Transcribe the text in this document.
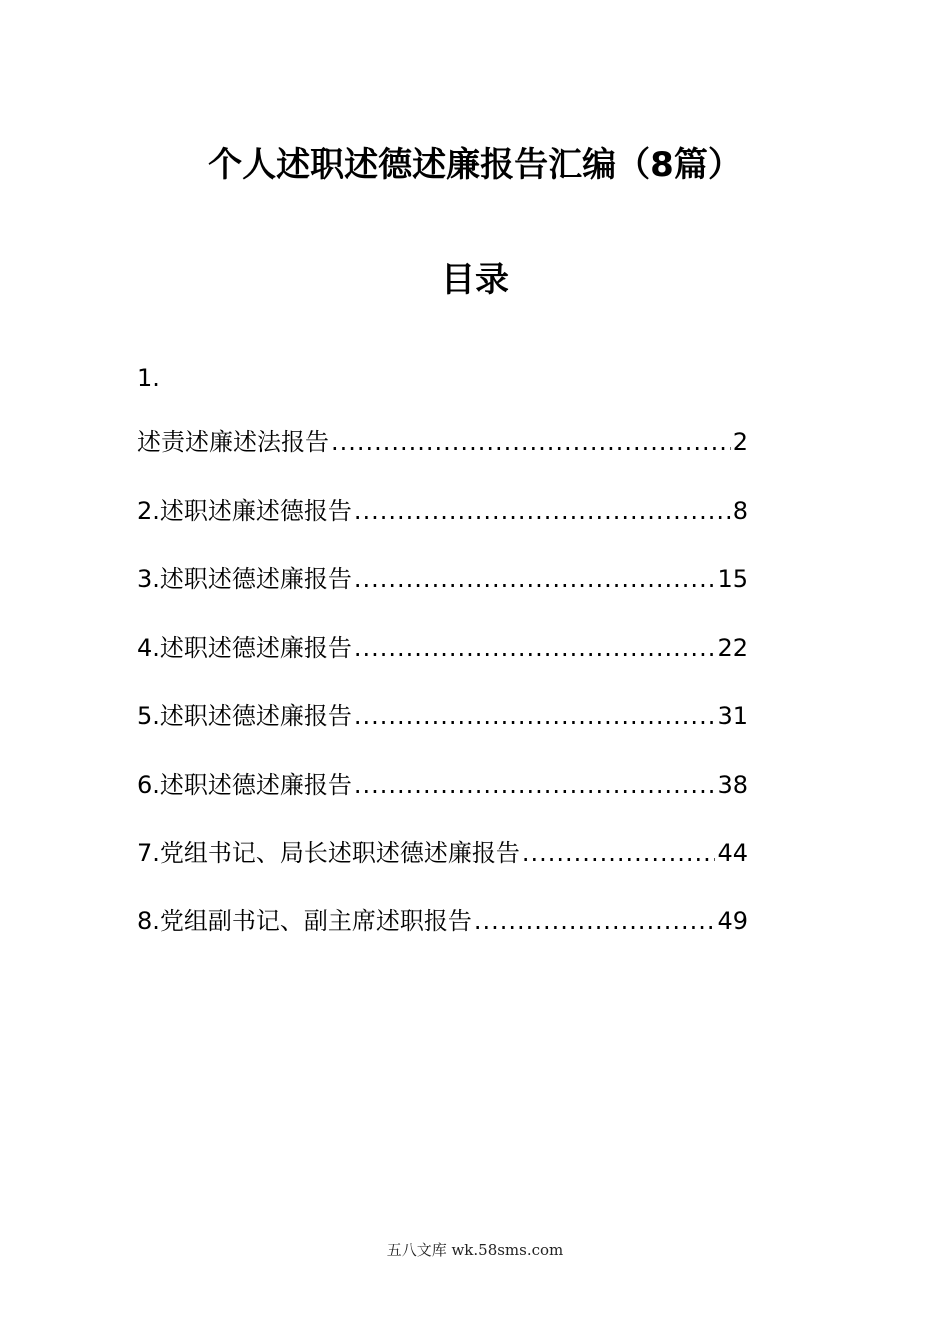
个人述职述德述廉报告汇编（8篇）
目录
1.
述责述廉述法报告 .....	2
2.述职述廉述德报告 .....	8
3.述职述德述廉报告 .....	15
4.述职述德述廉报告 .....	22
5.述职述德述廉报告 .....	31
6.述职述德述廉报告 .....	38
7.党组书记、局长述职述德述廉报告 .....	44
8.党组副书记、副主席述职报告 .....	49
五八文库 wk.58sms.com
